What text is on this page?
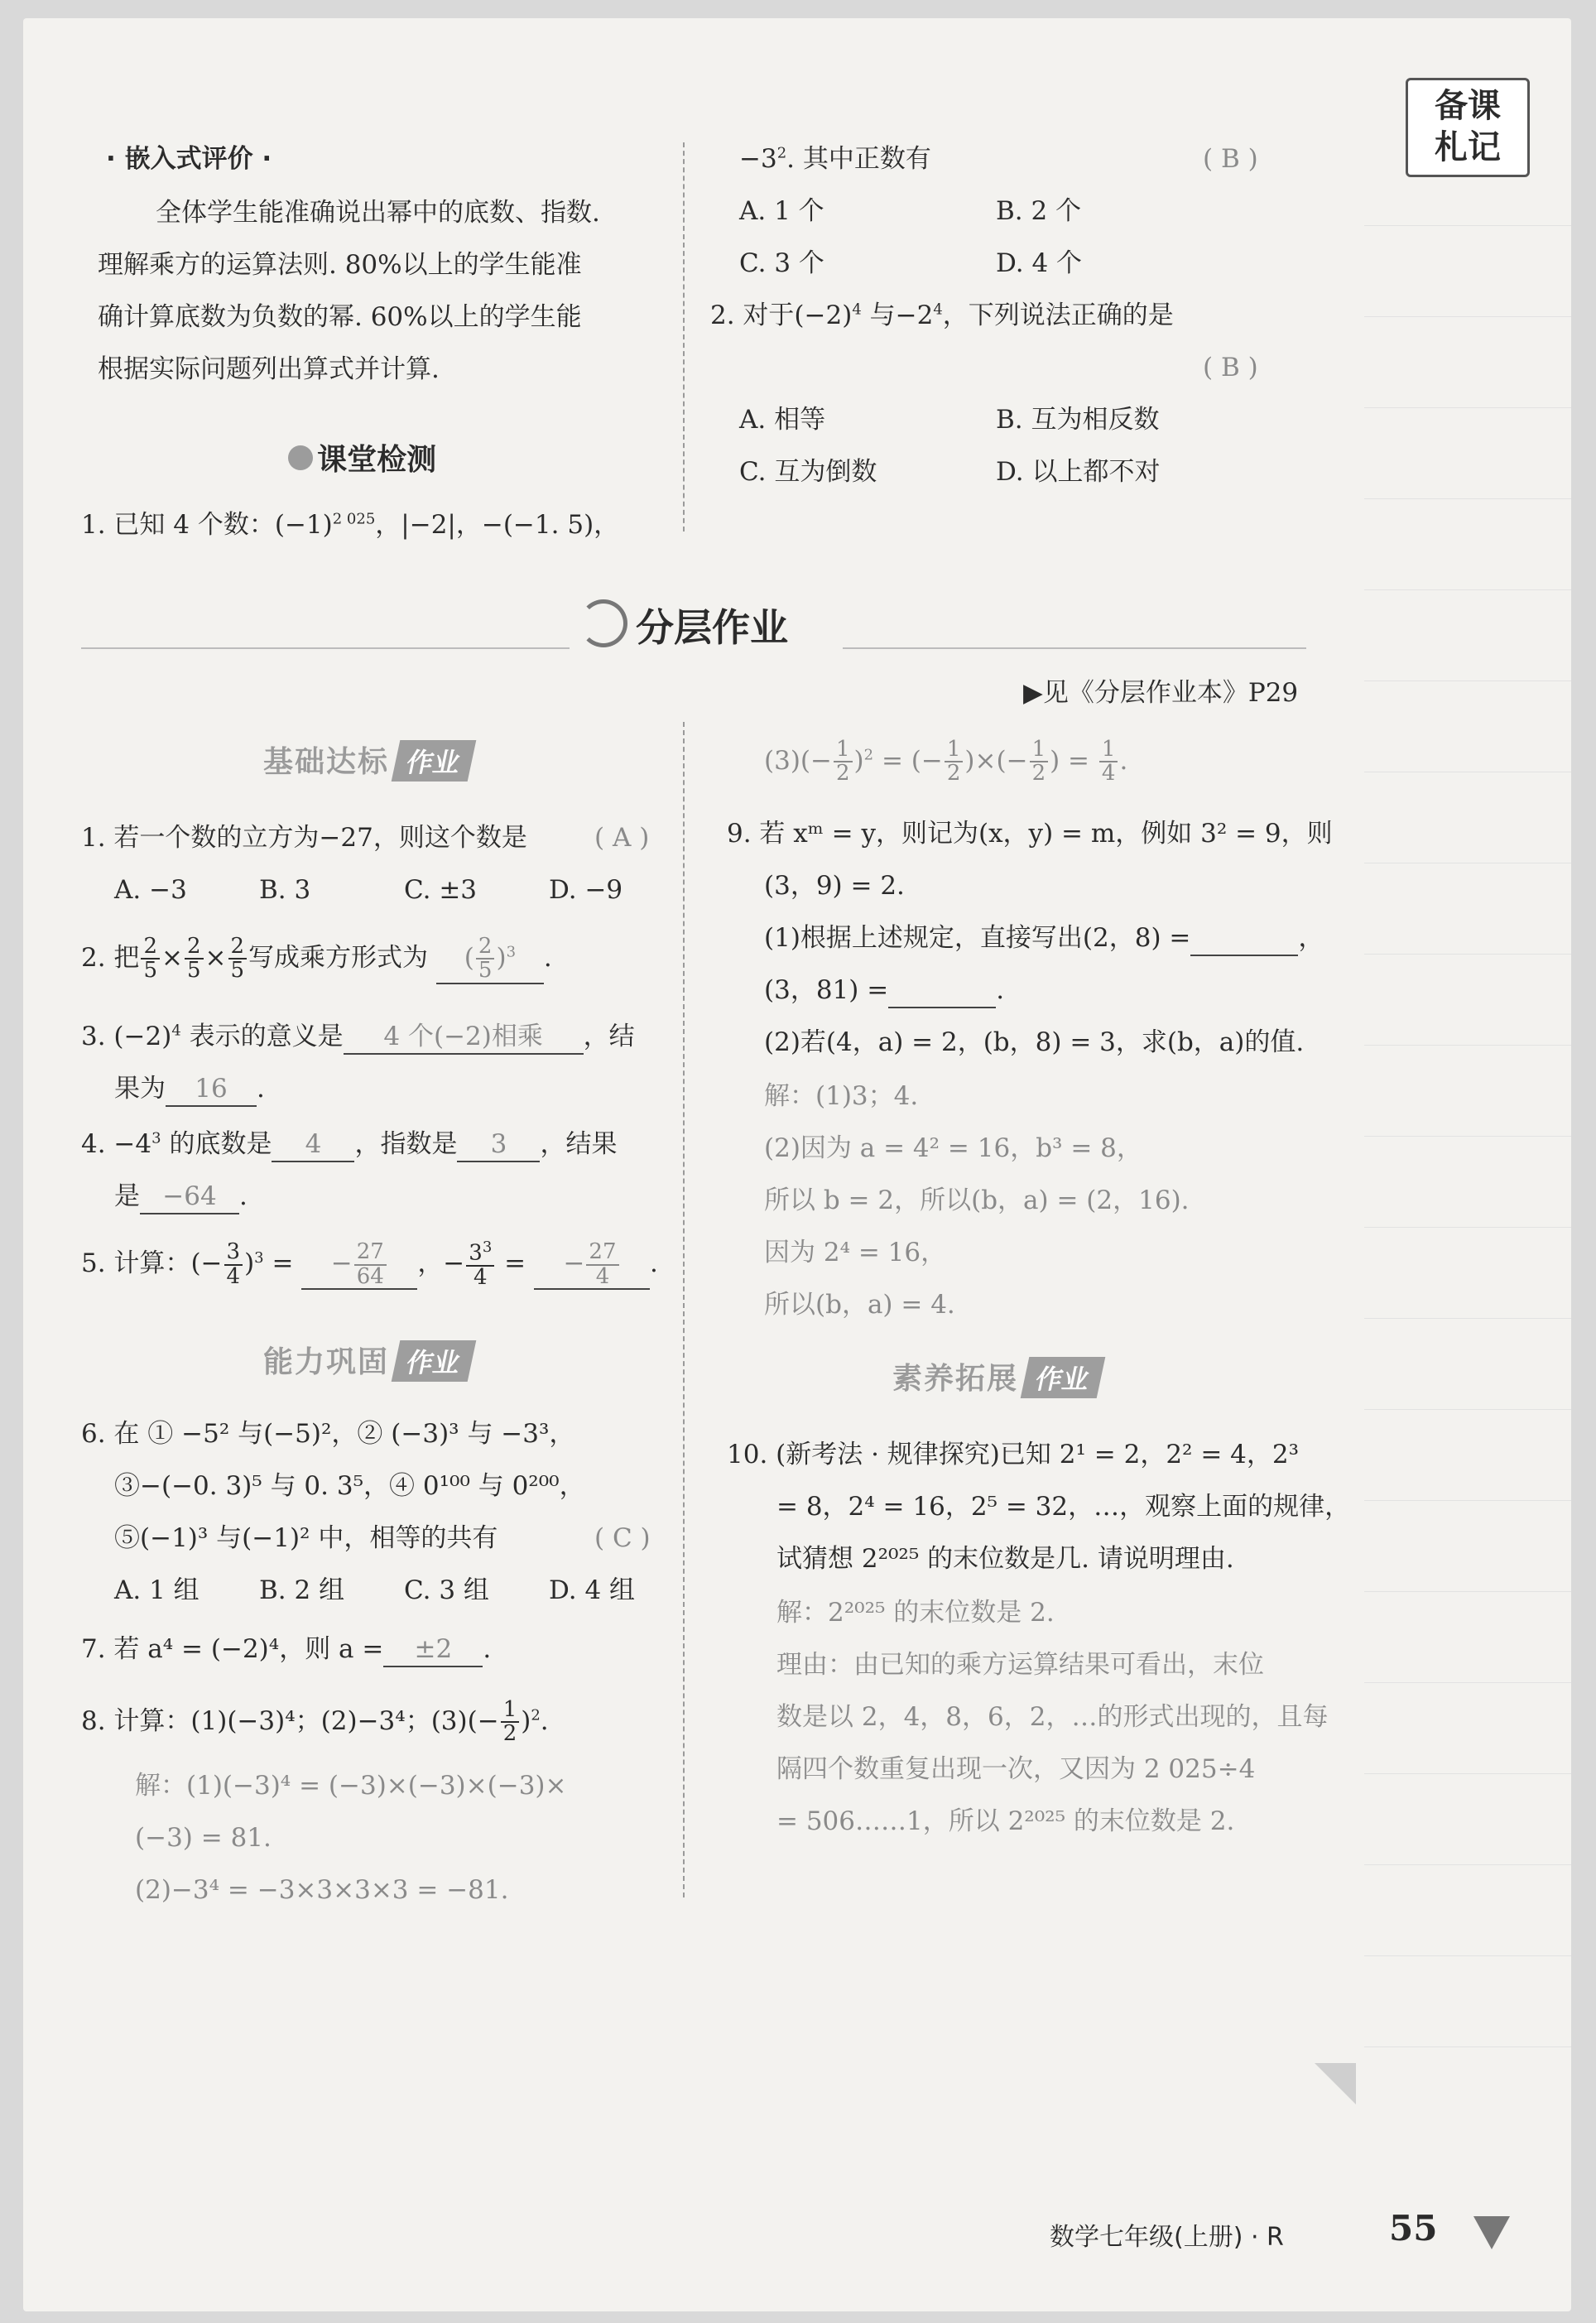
备课
札记
· 嵌入式评价 ·
全体学生能准确说出幂中的底数、指数.
理解乘方的运算法则. 80%以上的学生能准
确计算底数为负数的幂. 60%以上的学生能
根据实际问题列出算式并计算.
课堂检测
1. 已知 4 个数：$(-1)^{2 025}$，|−2|，−(−1. 5)，
$-3^2$. 其中正数有	( B )
A. 1 个	B. 2 个
C. 3 个	D. 4 个
2. 对于$(-2)^4$ 与$-2^4$，下列说法正确的是
( B )
A. 相等	B. 互为相反数
C. 互为倒数	D. 以上都不对
分层作业
▶见《分层作业本》P29
基础达标 作业
1. 若一个数的立方为−27，则这个数是	( A )
A. −3	B. 3	C. ±3	D. −9
2. 把 $\frac{2}{5} \times \frac{2}{5} \times \frac{2}{5}$ 写成乘方形式为 ( $\frac{2}{5} )^3$ .
3. $(-2)^4$ 表示的意义是 4 个(−2)相乘 ，结
果为 16 .
4. $-4^3$ 的底数是 4 ，指数是 3 ，结果
是 −64 .
5. 计算：(− $\frac{3}{4} )^3$ = − $\frac{27}{64}$ ，− $\frac{3^3}{4}$ = − $\frac{27}{4}$ .
能力巩固 作业
6. 在 ① −5² 与(−5)²，② (−3)³ 与 −3³，
③−(−0. 3)⁵ 与 0. 3⁵，④ 0¹⁰⁰ 与 0²⁰⁰，
⑤(−1)³ 与(−1)² 中，相等的共有	( C )
A. 1 组 B. 2 组 C. 3 组 D. 4 组
7. 若 a⁴ = (−2)⁴，则 a = ±2 .
8. 计算：(1)(−3)⁴；(2)−3⁴；$(3)(- \frac{1}{2} )^2$.
解：(1)(−3)⁴ = (−3)×(−3)×(−3)×
(−3) = 81.
(2)−3⁴ = −3×3×3×3 = −81.
$(3)(- \frac{1}{2} )^2$ = (− $\frac{1}{2}$ )×(− $\frac{1}{2}$ ) = $\frac{1}{4}$ .
9. 若 xᵐ = y，则记为(x，y) = m，例如 3² = 9，则
(3，9) = 2.
(1)根据上述规定，直接写出(2，8) =	，
(3，81) =	.
(2)若(4，a) = 2，(b，8) = 3，求(b，a)的值.
解：(1)3；4.
(2)因为 a = 4² = 16，b³ = 8，
所以 b = 2，所以(b，a) = (2，16).
因为 2⁴ = 16，
所以(b，a) = 4.
素养拓展 作业
10. (新考法 · 规律探究)已知 2¹ = 2，2² = 4，2³
= 8，2⁴ = 16，2⁵ = 32，…，观察上面的规律，
试猜想 2²⁰²⁵ 的末位数是几. 请说明理由.
解：2²⁰²⁵ 的末位数是 2.
理由：由已知的乘方运算结果可看出，末位
数是以 2，4，8，6，2，…的形式出现的，且每
隔四个数重复出现一次，又因为 2 025÷4
= 506……1，所以 2²⁰²⁵ 的末位数是 2.
数学七年级(上册) · R	55
